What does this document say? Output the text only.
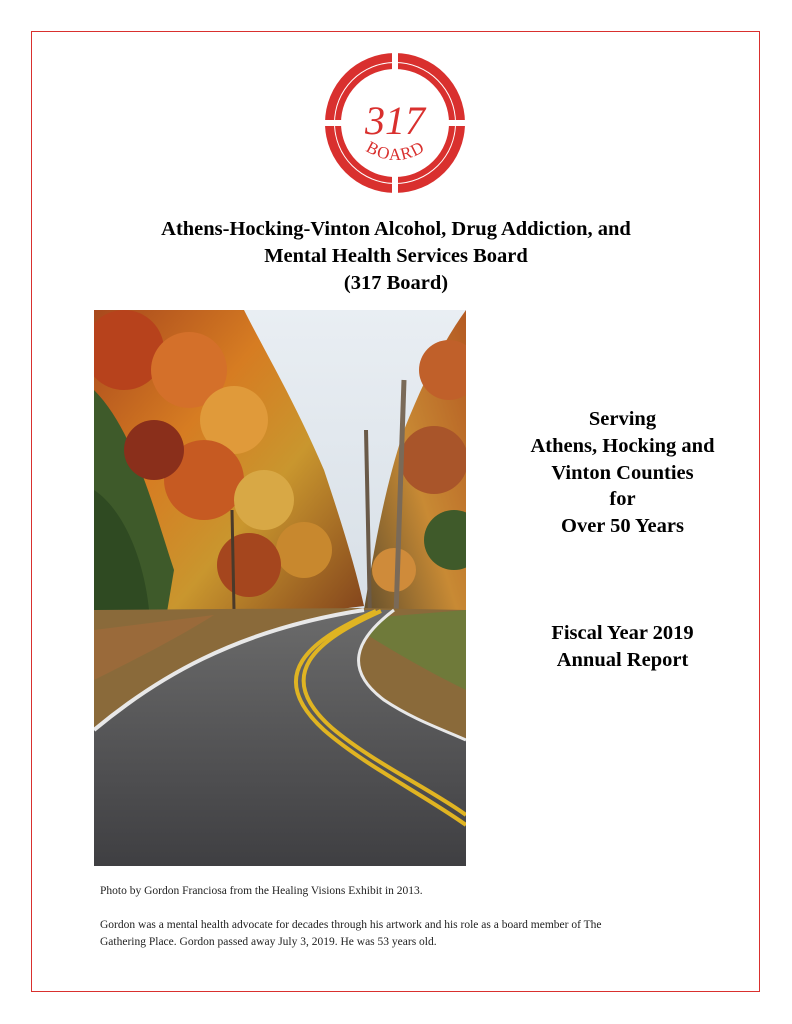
317
BOARD
Athens-Hocking-Vinton Alcohol, Drug Addiction, and
Mental Health Services Board
(317 Board)
Serving
Athens, Hocking and
Vinton Counties
for
Over 50 Years
Fiscal Year 2019
Annual Report
Photo by Gordon Franciosa from the Healing Visions Exhibit in 2013.
Gordon was a mental health advocate for decades through his artwork and his role as a board member of The
Gathering Place. Gordon passed away July 3, 2019. He was 53 years old.
